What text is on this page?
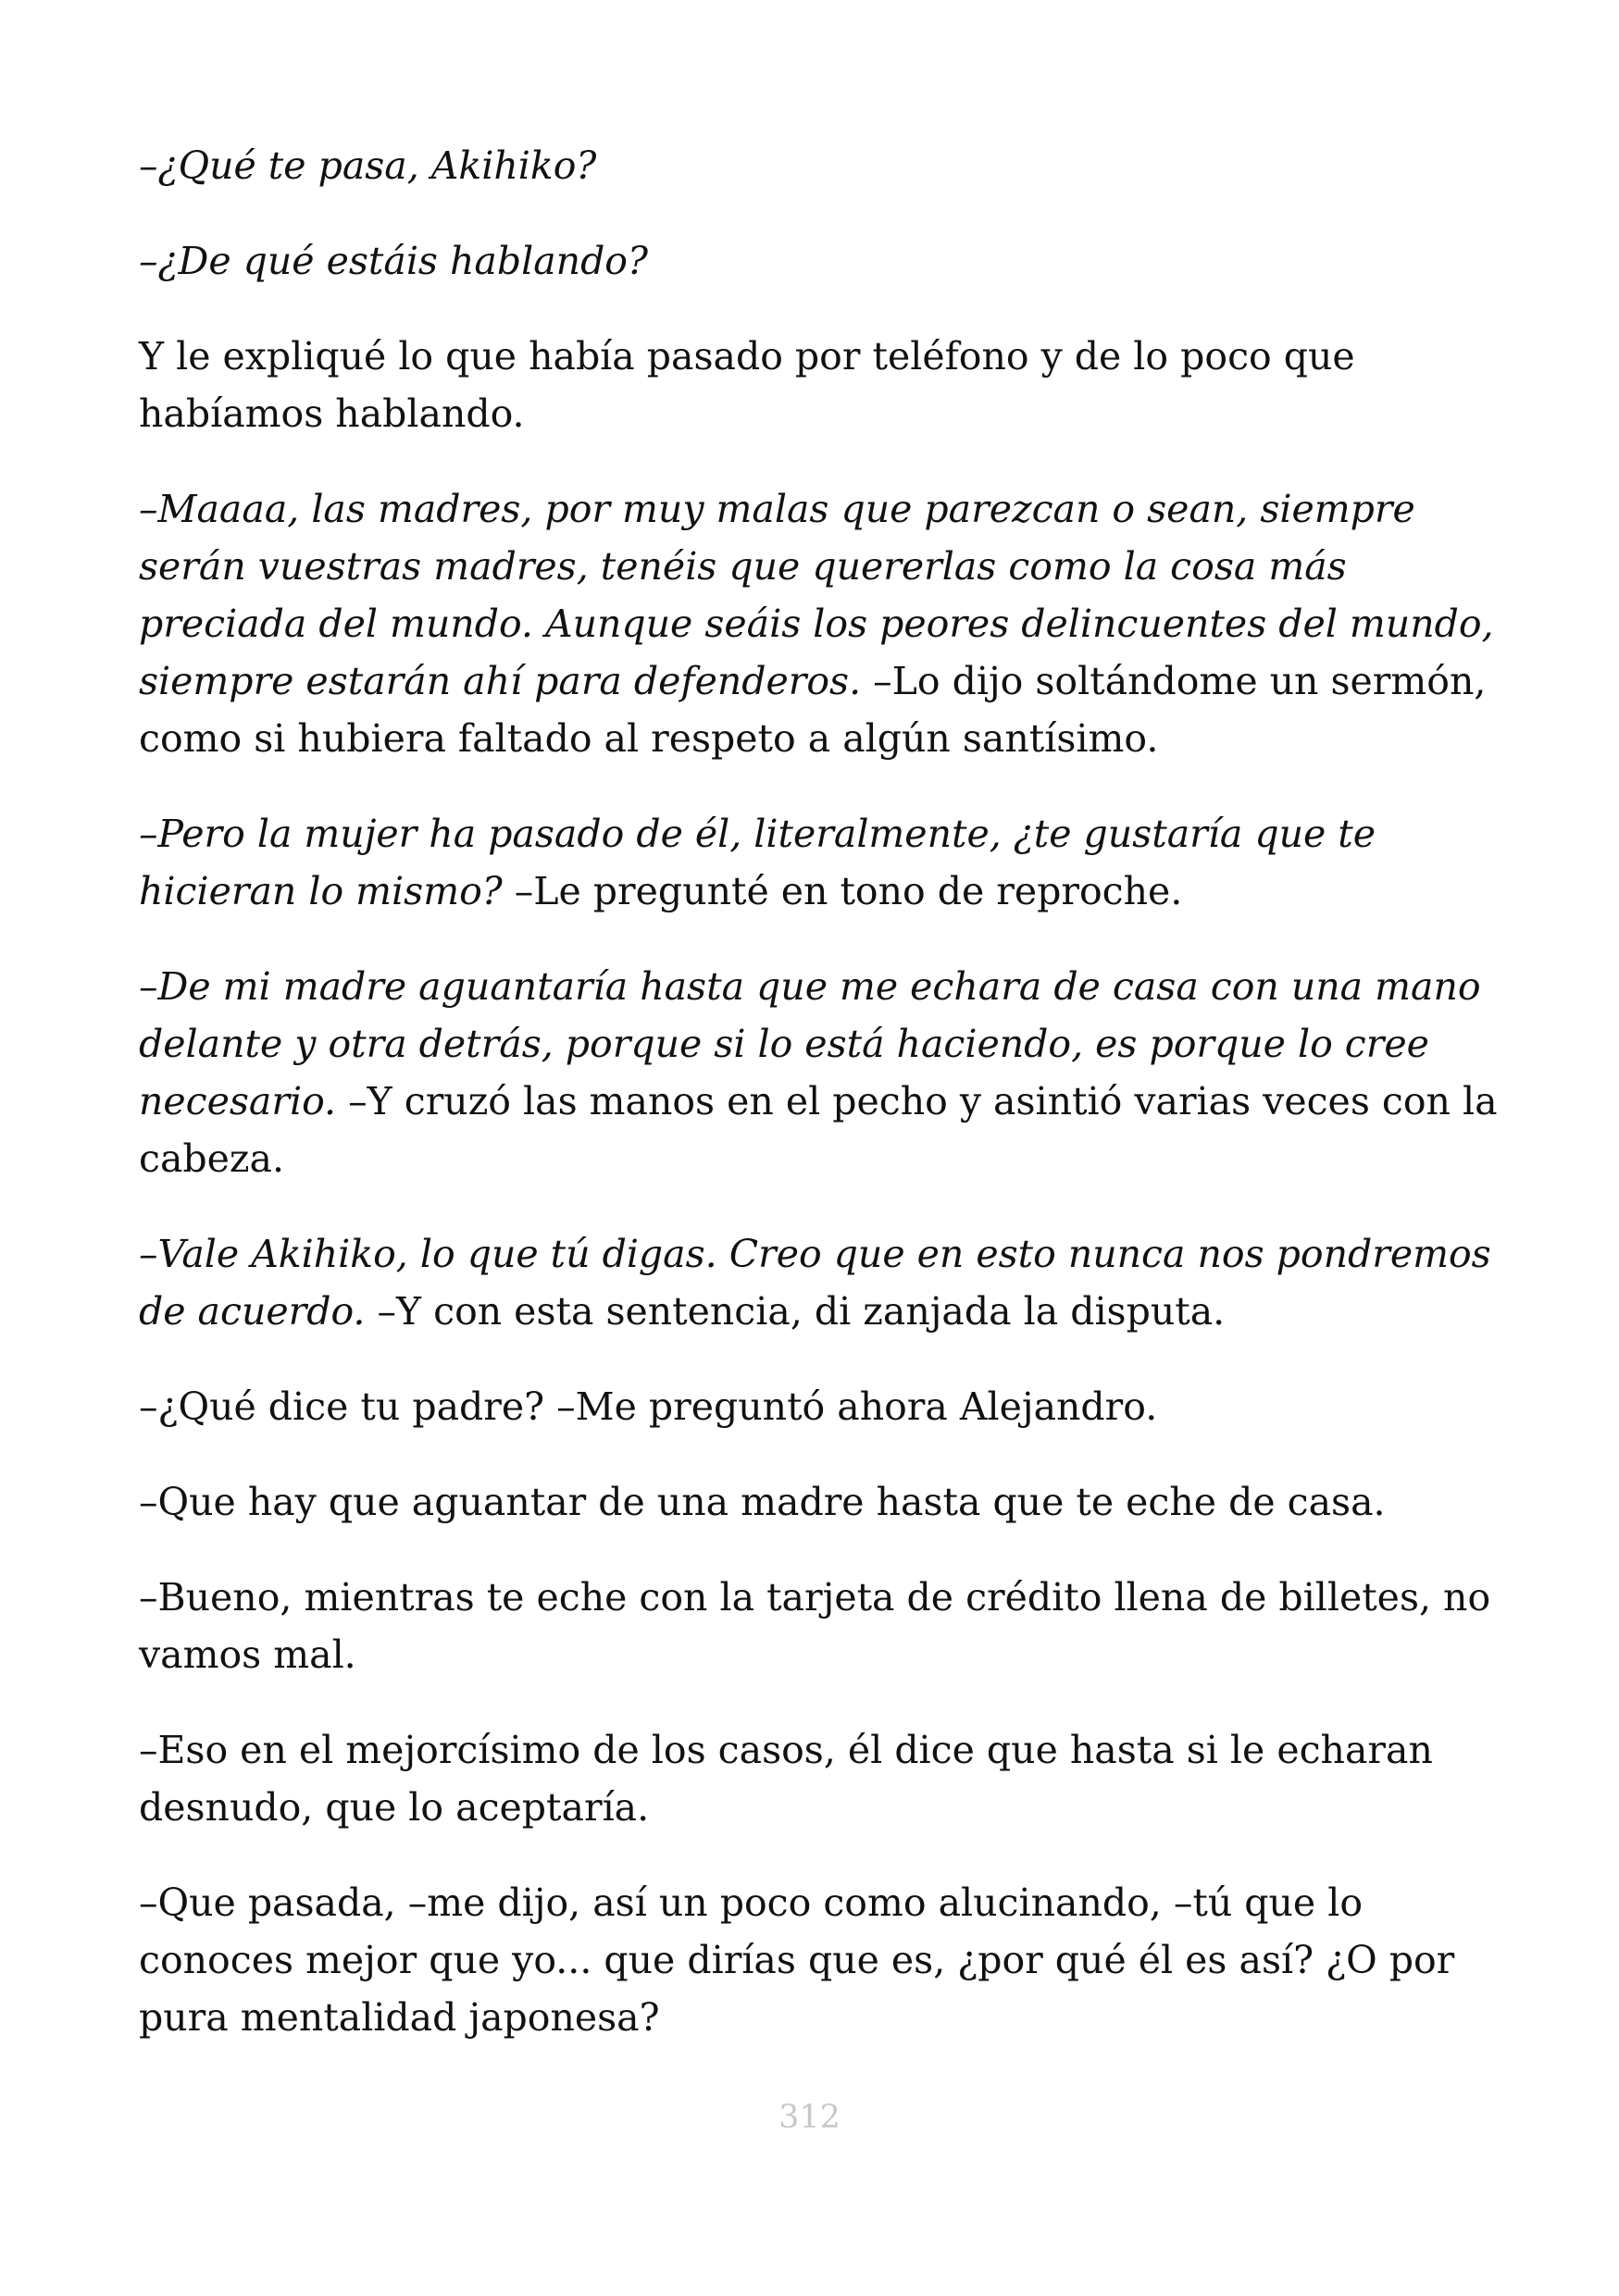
–¿Qué te pasa, Akihiko?

–¿De qué estáis hablando?

Y le expliqué lo que había pasado por teléfono y de lo poco que habíamos hablando.

–Maaaa, las madres, por muy malas que parezcan o sean, siempre serán vuestras madres, tenéis que quererlas como la cosa más preciada del mundo. Aunque seáis los peores delincuentes del mundo, siempre estarán ahí para defenderos. –Lo dijo soltándome un sermón, como si hubiera faltado al respeto a algún santísimo.

–Pero la mujer ha pasado de él, literalmente, ¿te gustaría que te hicieran lo mismo? –Le pregunté en tono de reproche.

–De mi madre aguantaría hasta que me echara de casa con una mano delante y otra detrás, porque si lo está haciendo, es porque lo cree necesario. –Y cruzó las manos en el pecho y asintió varias veces con la cabeza.

–Vale Akihiko, lo que tú digas. Creo que en esto nunca nos pondremos de acuerdo. –Y con esta sentencia, di zanjada la disputa.

–¿Qué dice tu padre? –Me preguntó ahora Alejandro.

–Que hay que aguantar de una madre hasta que te eche de casa.

–Bueno, mientras te eche con la tarjeta de crédito llena de billetes, no vamos mal.

–Eso en el mejorcísimo de los casos, él dice que hasta si le echaran desnudo, que lo aceptaría.

–Que pasada, –me dijo, así un poco como alucinando, –tú que lo conoces mejor que yo... que dirías que es, ¿por qué él es así? ¿O por pura mentalidad japonesa?

312
